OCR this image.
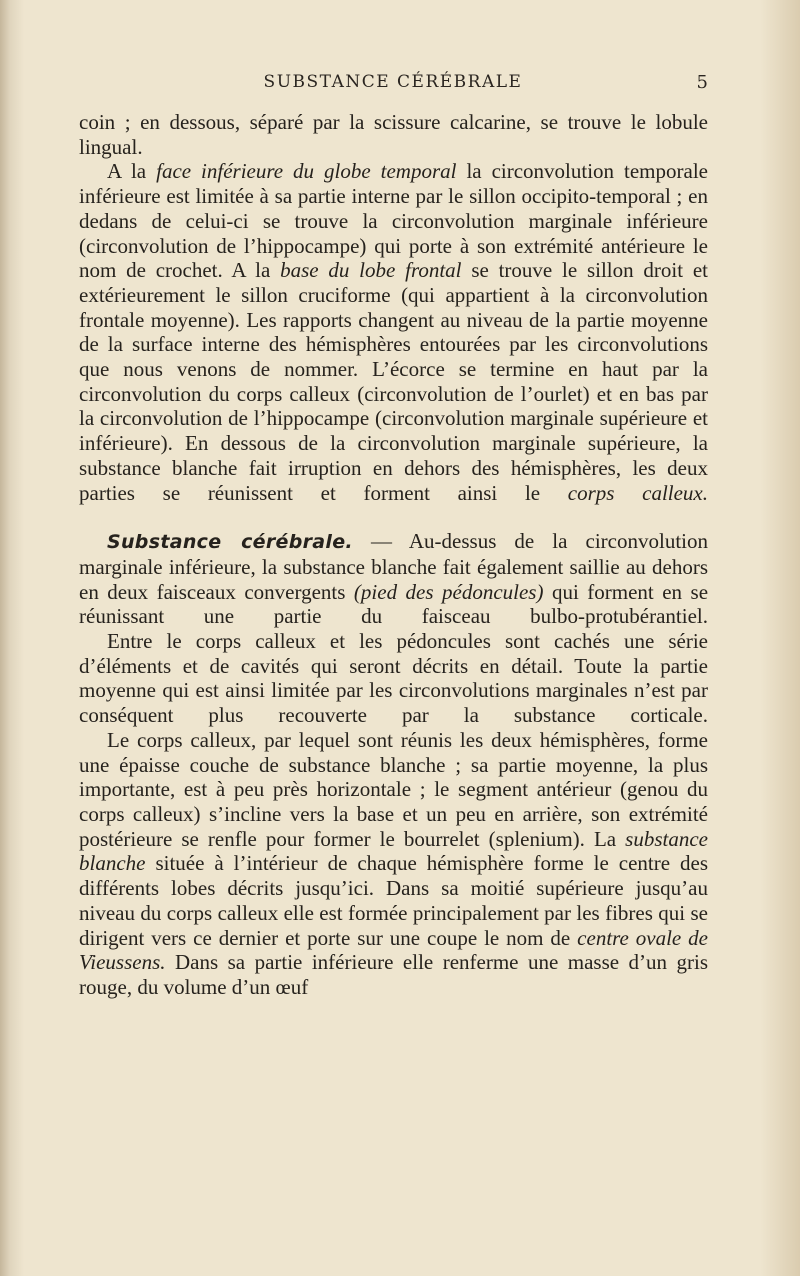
SUBSTANCE CÉRÉBRALE	5

coin ; en dessous, séparé par la scissure calcarine, se trouve le lobule lingual.

A la face inférieure du globe temporal la circonvolution temporale inférieure est limitée à sa partie interne par le sillon occipito-temporal ; en dedans de celui-ci se trouve la circonvolution marginale inférieure (circonvolution de l’hippocampe) qui porte à son extrémité antérieure le nom de crochet. A la base du lobe frontal se trouve le sillon droit et extérieurement le sillon cruciforme (qui appartient à la circonvolution frontale moyenne). Les rapports changent au niveau de la partie moyenne de la surface interne des hémisphères entourées par les circonvolutions que nous venons de nommer. L’écorce se termine en haut par la circonvolution du corps calleux (circonvolution de l’ourlet) et en bas par la circonvolution de l’hippocampe (circonvolution marginale supérieure et inférieure). En dessous de la circonvolution marginale supérieure, la substance blanche fait irruption en dehors des hémisphères, les deux parties se réunissent et forment ainsi le corps calleux.

Substance cérébrale. — Au-dessus de la circonvolution marginale inférieure, la substance blanche fait également saillie au dehors en deux faisceaux convergents (pied des pédoncules) qui forment en se réunissant une partie du faisceau bulbo-protubérantiel.

Entre le corps calleux et les pédoncules sont cachés une série d’éléments et de cavités qui seront décrits en détail. Toute la partie moyenne qui est ainsi limitée par les circonvolutions marginales n’est par conséquent plus recouverte par la substance corticale.

Le corps calleux, par lequel sont réunis les deux hémisphères, forme une épaisse couche de substance blanche ; sa partie moyenne, la plus importante, est à peu près horizontale ; le segment antérieur (genou du corps calleux) s’incline vers la base et un peu en arrière, son extrémité postérieure se renfle pour former le bourrelet (splenium). La substance blanche située à l’intérieur de chaque hémisphère forme le centre des différents lobes décrits jusqu’ici. Dans sa moitié supérieure jusqu’au niveau du corps calleux elle est formée principalement par les fibres qui se dirigent vers ce dernier et porte sur une coupe le nom de centre ovale de Vieussens. Dans sa partie inférieure elle renferme une masse d’un gris rouge, du volume d’un œuf
